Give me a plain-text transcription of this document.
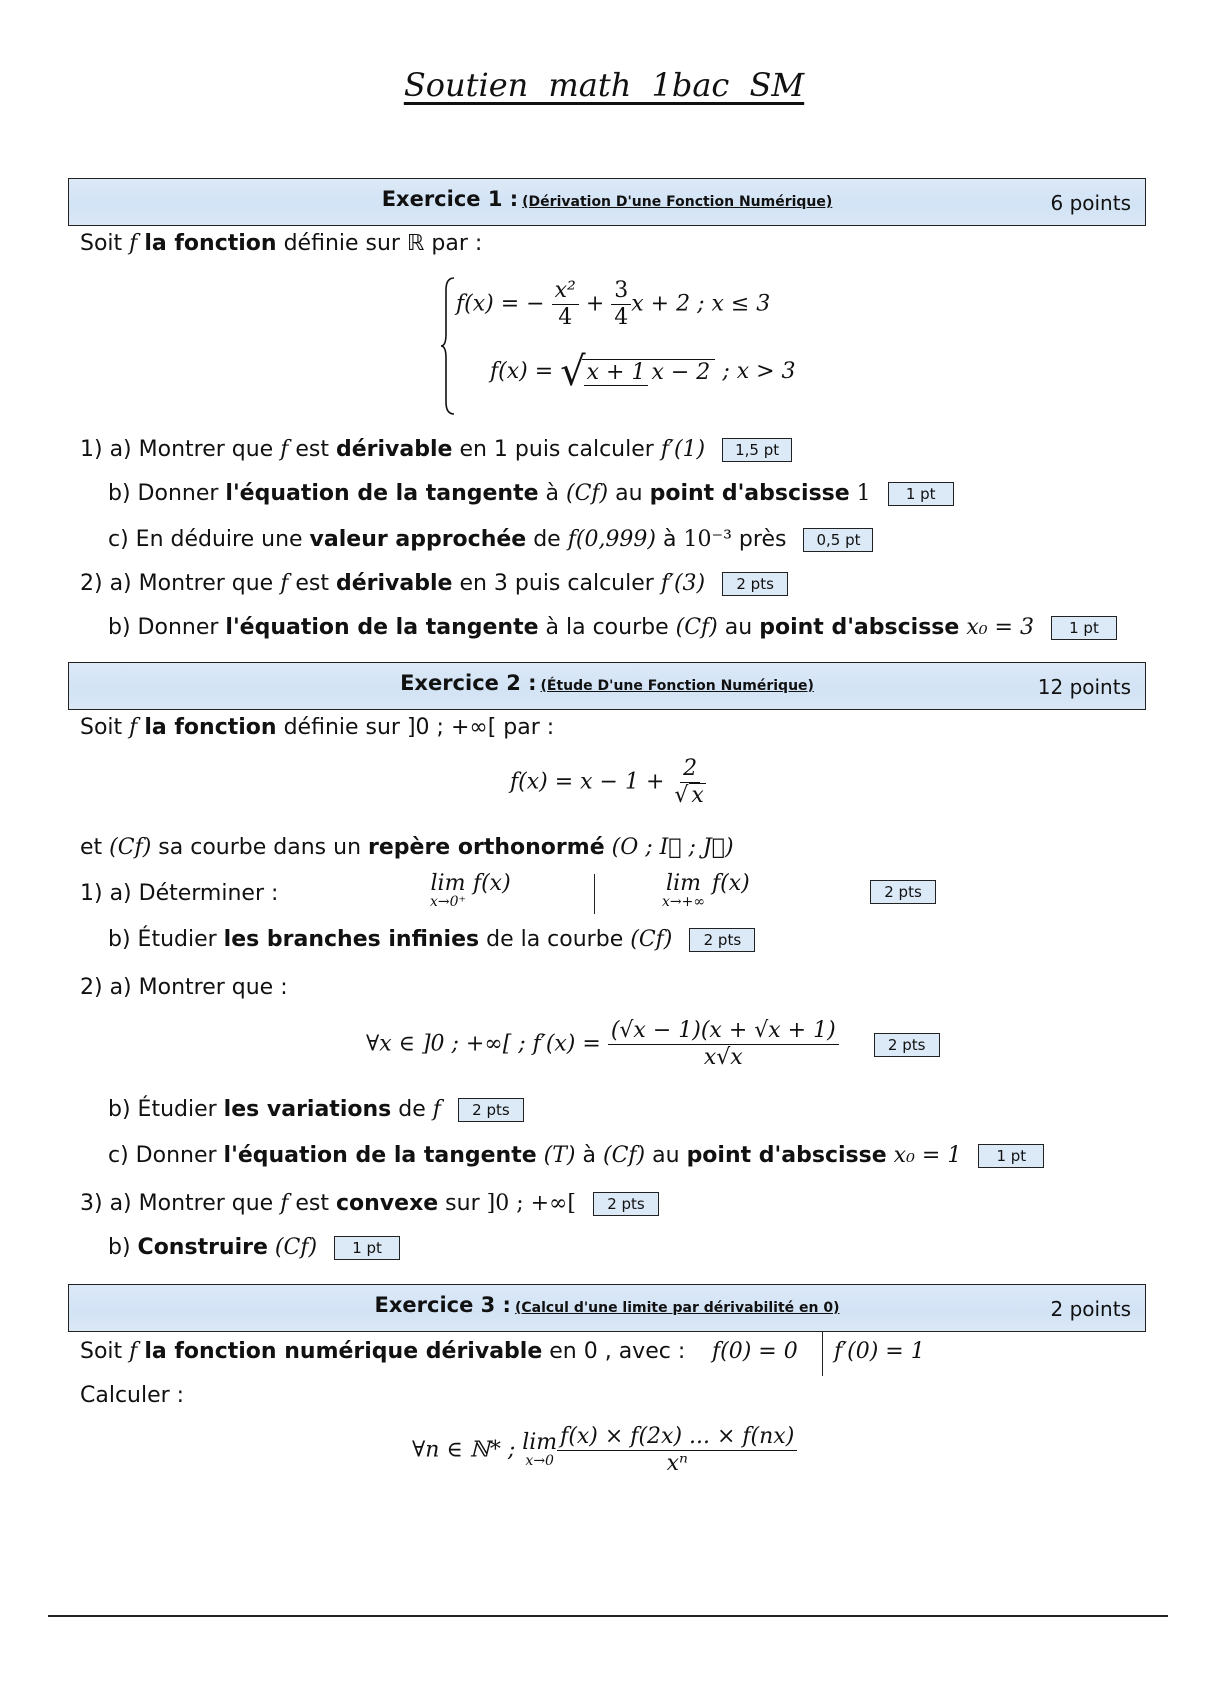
Soutien math 1bac SM
Exercice 1 : (Dérivation D'une Fonction Numérique)	6 points
Soit f la fonction définie sur ℝ par :
f(x) = − $\frac{\text{x²}}{4} + \frac{3}{4}$ x + 2 ; x ≤ 3
f(x) = √x + 1 x − 2 ; x > 3
1) a) Montrer que f est dérivable en 1 puis calculer f′(1) 1,5 pt
b) Donner l'équation de la tangente à (Cf) au point d'abscisse 1 1 pt
c) En déduire une valeur approchée de f(0,999) à 10⁻³ près 0,5 pt
2) a) Montrer que f est dérivable en 3 puis calculer f′(3) 2 pts
b) Donner l'équation de la tangente à la courbe (Cf) au point d'abscisse x₀ = 3 1 pt
Exercice 2 : (Étude D'une Fonction Numérique)	12 points
Soit f la fonction définie sur ]0 ; +∞[ par :
$f(x) = x - 1 + \frac{2}{√ x}$
et (Cf) sa courbe dans un repère orthonormé (O ; I⃗ ; J⃗)
1) a) Déterminer :	lim
x→0⁺
f(x)	lim
x→+∞
f(x)	2 pts
b) Étudier les branches infinies de la courbe (Cf) 2 pts
2) a) Montrer que :
∀x ∈ ]0 ; +∞[ ; $f'(x) = \frac{(√x - 1)(x + √x + 1)}{x√x}$	2 pts
b) Étudier les variations de f 2 pts
c) Donner l'équation de la tangente (T) à (Cf) au point d'abscisse x₀ = 1 1 pt
3) a) Montrer que f est convexe sur ]0 ; +∞[ 2 pts
b) Construire (Cf) 1 pt
Exercice 3 : (Calcul d'une limite par dérivabilité en 0)	2 points
Soit f la fonction numérique dérivable en 0 , avec : f(0) = 0 f′(0) = 1
Calculer :
∀n ∈ ℕ* ; lim
$x\to 0 \frac{f(x) \times f(2x) ... \times f(nx)}{\text{xⁿ}}$
